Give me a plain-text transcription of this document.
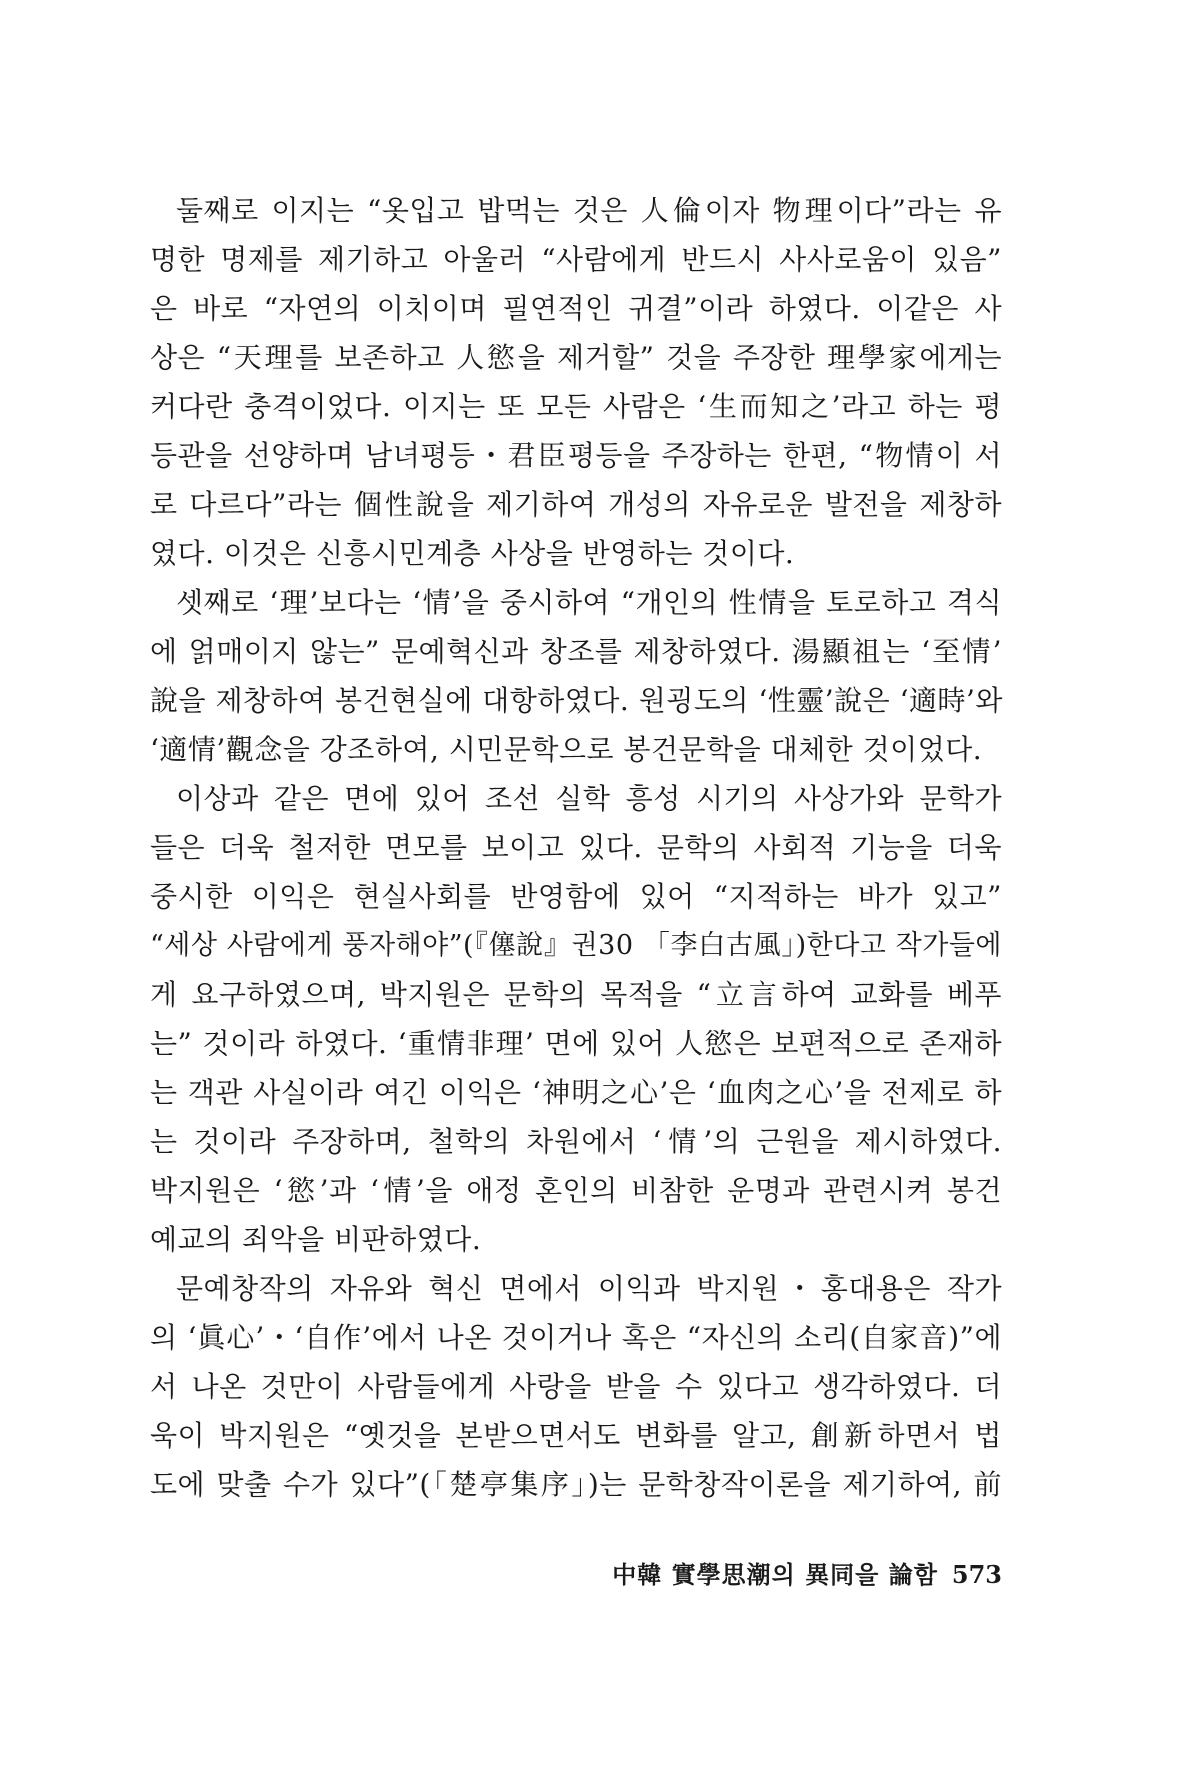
둘째로 이지는 “옷입고 밥먹는 것은 人倫이자 物理이다”라는 유
명한 명제를 제기하고 아울러 “사람에게 반드시 사사로움이 있음”
은 바로 “자연의 이치이며 필연적인 귀결”이라 하였다. 이같은 사
상은 “天理를 보존하고 人慾을 제거할” 것을 주장한 理學家에게는
커다란 충격이었다. 이지는 또 모든 사람은 ‘生而知之’라고 하는 평
등관을 선양하며 남녀평등・君臣평등을 주장하는 한편, “物情이 서
로 다르다”라는 個性說을 제기하여 개성의 자유로운 발전을 제창하
였다. 이것은 신흥시민계층 사상을 반영하는 것이다.
셋째로 ‘理’보다는 ‘情’을 중시하여 “개인의 性情을 토로하고 격식
에 얽매이지 않는” 문예혁신과 창조를 제창하였다. 湯顯祖는 ‘至情’
說을 제창하여 봉건현실에 대항하였다. 원굉도의 ‘性靈’說은 ‘適時’와
‘適情’觀念을 강조하여, 시민문학으로 봉건문학을 대체한 것이었다.
이상과 같은 면에 있어 조선 실학 흥성 시기의 사상가와 문학가
들은 더욱 철저한 면모를 보이고 있다. 문학의 사회적 기능을 더욱
중시한 이익은 현실사회를 반영함에 있어 “지적하는 바가 있고”
“세상 사람에게 풍자해야”(『僿說』권30 「李白古風」)한다고 작가들에
게 요구하였으며, 박지원은 문학의 목적을 “立言하여 교화를 베푸
는” 것이라 하였다. ‘重情非理’ 면에 있어 人慾은 보편적으로 존재하
는 객관 사실이라 여긴 이익은 ‘神明之心’은 ‘血肉之心’을 전제로 하
는 것이라 주장하며, 철학의 차원에서 ‘情’의 근원을 제시하였다.
박지원은 ‘慾’과 ‘情’을 애정 혼인의 비참한 운명과 관련시켜 봉건
예교의 죄악을 비판하였다.
문예창작의 자유와 혁신 면에서 이익과 박지원・홍대용은 작가
의 ‘眞心’・‘自作’에서 나온 것이거나 혹은 “자신의 소리(自家音)”에
서 나온 것만이 사람들에게 사랑을 받을 수 있다고 생각하였다. 더
욱이 박지원은 “옛것을 본받으면서도 변화를 알고, 創新하면서 법
도에 맞출 수가 있다”(「楚亭集序」)는 문학창작이론을 제기하여, 前
中韓 實學思潮의 異同을 論함 573
